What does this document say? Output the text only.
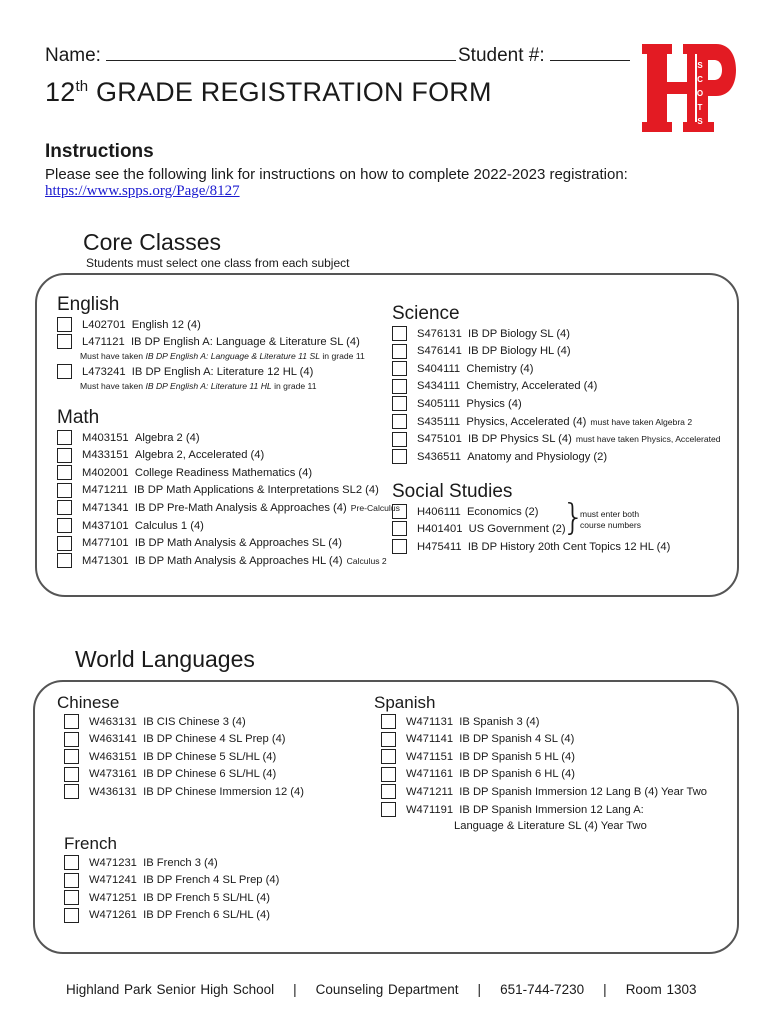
Name:	Student #:	S
C
O
T
S
12th GRADE REGISTRATION FORM
Instructions
Please see the following link for instructions on how to complete 2022-2023 registration:
https://www.spps.org/Page/8127
Core Classes
Students must select one class from each subject
English
L402701
English 12 (4)
L471121
IB DP English A: Language & Literature SL (4)
Must have taken IB DP English A: Language & Literature 11 SL in grade 11
L473241
IB DP English A: Literature 12 HL (4)
Must have taken IB DP English A: Literature 11 HL in grade 11
Math
M403151
Algebra 2 (4)
M433151
Algebra 2, Accelerated (4)
M402001
College Readiness Mathematics (4)
M471211
IB DP Math Applications & Interpretations SL2 (4)
M471341
IB DP Pre-Math Analysis & Approaches (4) Pre-Calculus
M437101
Calculus 1 (4)
M477101
IB DP Math Analysis & Approaches SL (4)
M471301
IB DP Math Analysis & Approaches HL (4) Calculus 2
Science
S476131
IB DP Biology SL (4)
S476141
IB DP Biology HL (4)
S404111
Chemistry (4)
S434111
Chemistry, Accelerated (4)
S405111
Physics (4)
S435111
Physics, Accelerated (4) must have taken Algebra 2
S475101
IB DP Physics SL (4) must have taken Physics, Accelerated
S436511
Anatomy and Physiology (2)
Social Studies
H406111
Economics (2)
H401401
US Government (2)
}
must enter both
course numbers
H475411
IB DP History 20th Cent Topics 12 HL (4)
World Languages
Chinese
W463131
IB CIS Chinese 3 (4)
W463141
IB DP Chinese 4 SL Prep (4)
W463151
IB DP Chinese 5 SL/HL (4)
W473161
IB DP Chinese 6 SL/HL (4)
W436131
IB DP Chinese Immersion 12 (4)
Spanish
W471131
IB Spanish 3 (4)
W471141
IB DP Spanish 4 SL (4)
W471151
IB DP Spanish 5 HL (4)
W471161
IB DP Spanish 6 HL (4)
W471211
IB DP Spanish Immersion 12 Lang B (4) Year Two
W471191
IB DP Spanish Immersion 12 Lang A:
Language & Literature SL (4) Year Two
French
W471231
IB French 3 (4)
W471241
IB DP French 4 SL Prep (4)
W471251
IB DP French 5 SL/HL (4)
W471261
IB DP French 6 SL/HL (4)
Highland Park Senior High School | Counseling Department | 651-744-7230 | Room 1303
